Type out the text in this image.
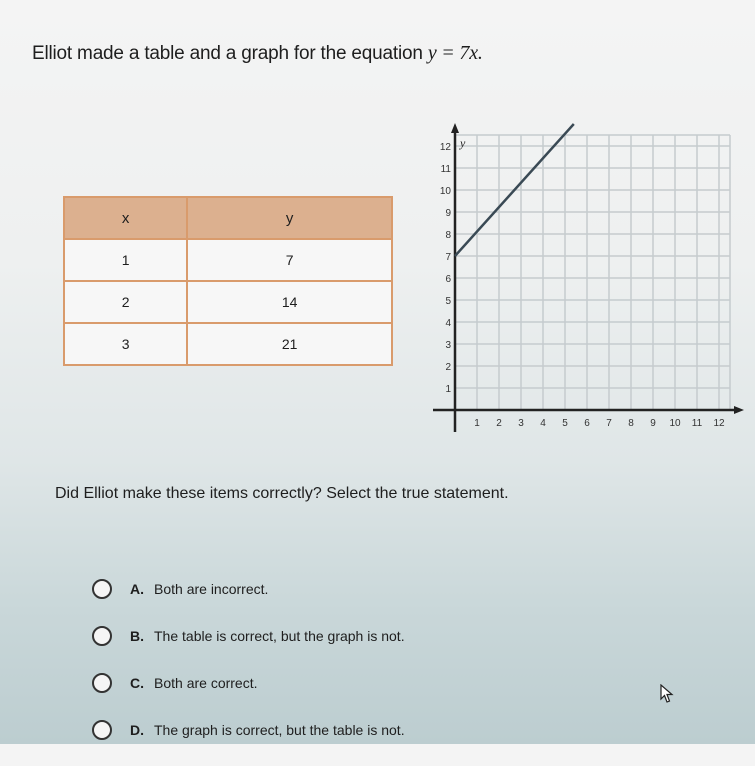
Elliot made a table and a graph for the equation y = 7x.
x	y
1	7
2	14
3	21
y
1 2 3 4 5 6 7 8 9 10 11 12
1
2
3
4
5
6
7
8
9
10
11
12
Did Elliot make these items correctly? Select the true statement.
A. Both are incorrect.
B. The table is correct, but the graph is not.
C. Both are correct.
D. The graph is correct, but the table is not.
